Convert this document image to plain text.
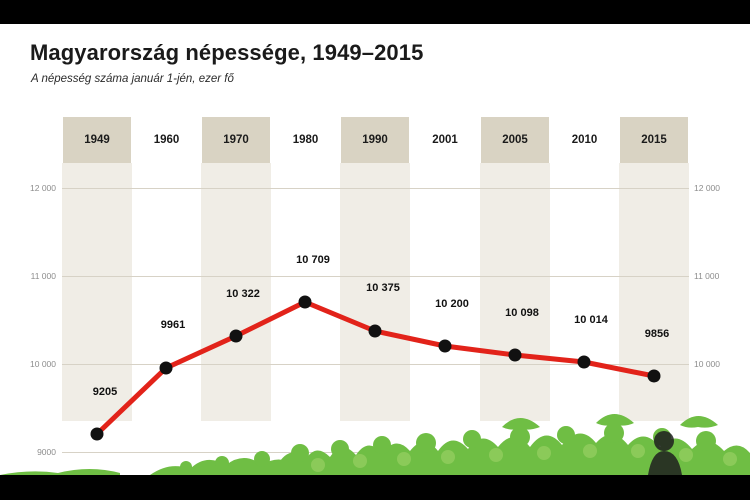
Magyarország népessége, 1949–2015
A népesség száma január 1-jén, ezer fő
12 000
11 000
10 000
9000
12 000
11 000
10 000
1949	1960	1970	1980	1990	2001	2005	2010	2015
9205
9961
10 322
10 709
10 375
10 200
10 098
10 014
9856
